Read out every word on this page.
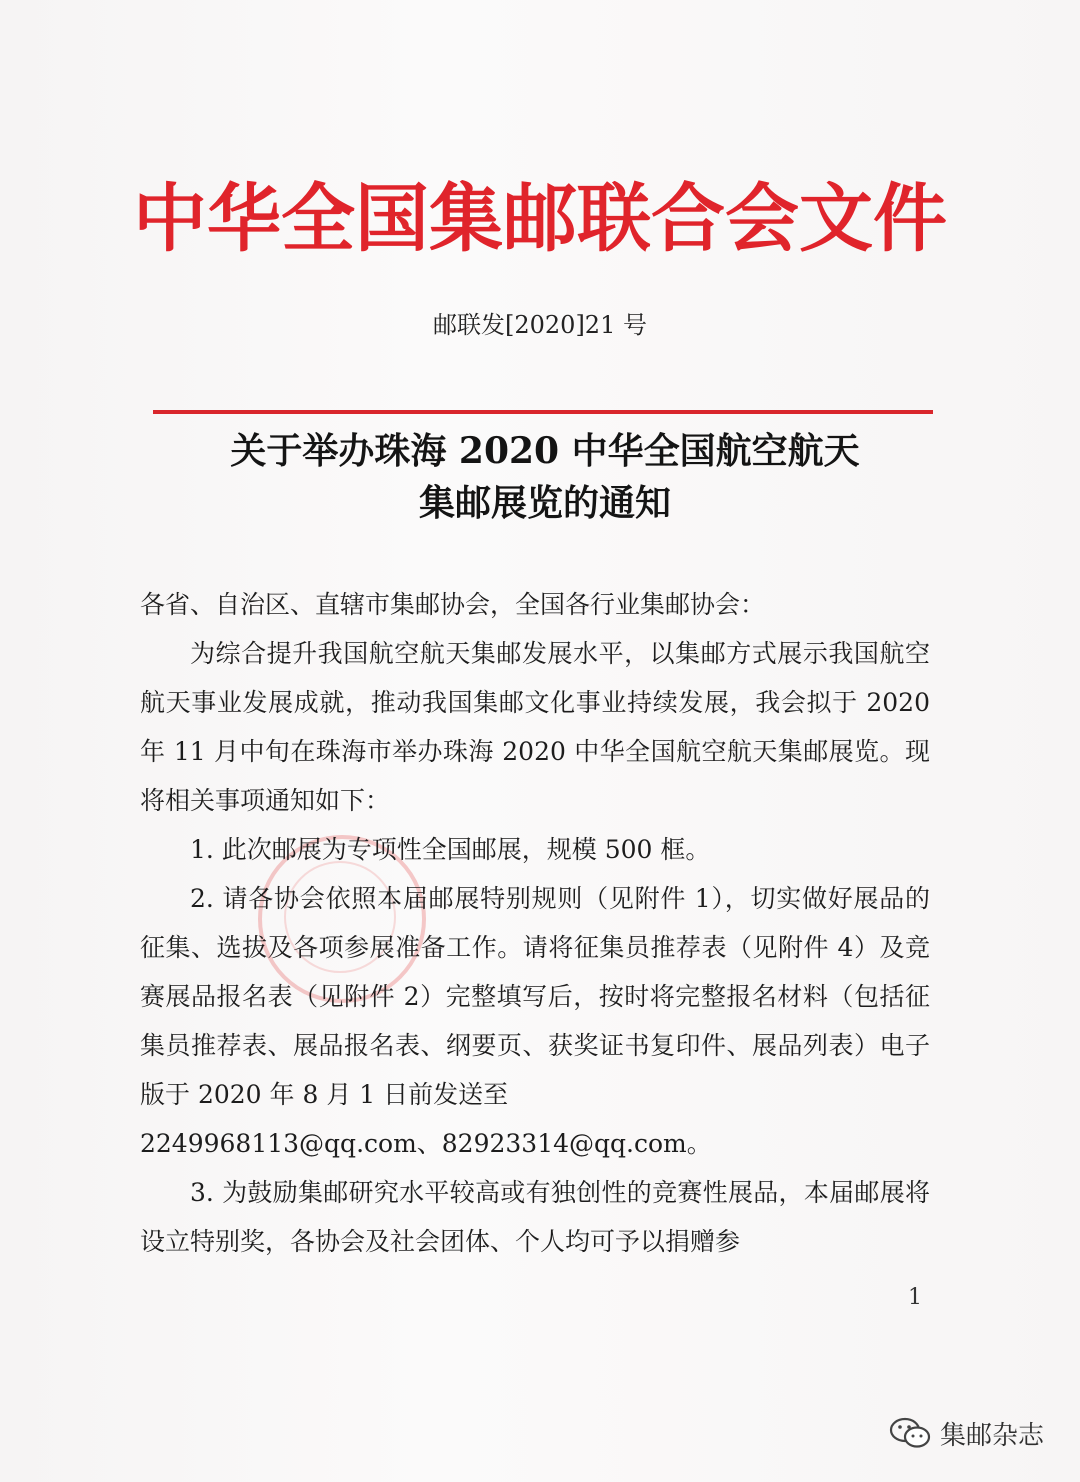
中华全国集邮联合会文件
邮联发[2020]21 号
关于举办珠海 2020 中华全国航空航天
集邮展览的通知

各省、自治区、直辖市集邮协会，全国各行业集邮协会：

为综合提升我国航空航天集邮发展水平，以集邮方式展示我国航空航天事业发展成就，推动我国集邮文化事业持续发展，我会拟于 2020 年 11 月中旬在珠海市举办珠海 2020 中华全国航空航天集邮展览。现将相关事项通知如下：

1. 此次邮展为专项性全国邮展，规模 500 框。

2. 请各协会依照本届邮展特别规则（见附件 1），切实做好展品的征集、选拔及各项参展准备工作。请将征集员推荐表（见附件 4）及竞赛展品报名表（见附件 2）完整填写后，按时将完整报名材料（包括征集员推荐表、展品报名表、纲要页、获奖证书复印件、展品列表）电子版于 2020 年 8 月 1 日前发送至

2249968113@qq.com、82923314@qq.com。

3. 为鼓励集邮研究水平较高或有独创性的竞赛性展品，本届邮展将设立特别奖，各协会及社会团体、个人均可予以捐赠参

1
集邮杂志
